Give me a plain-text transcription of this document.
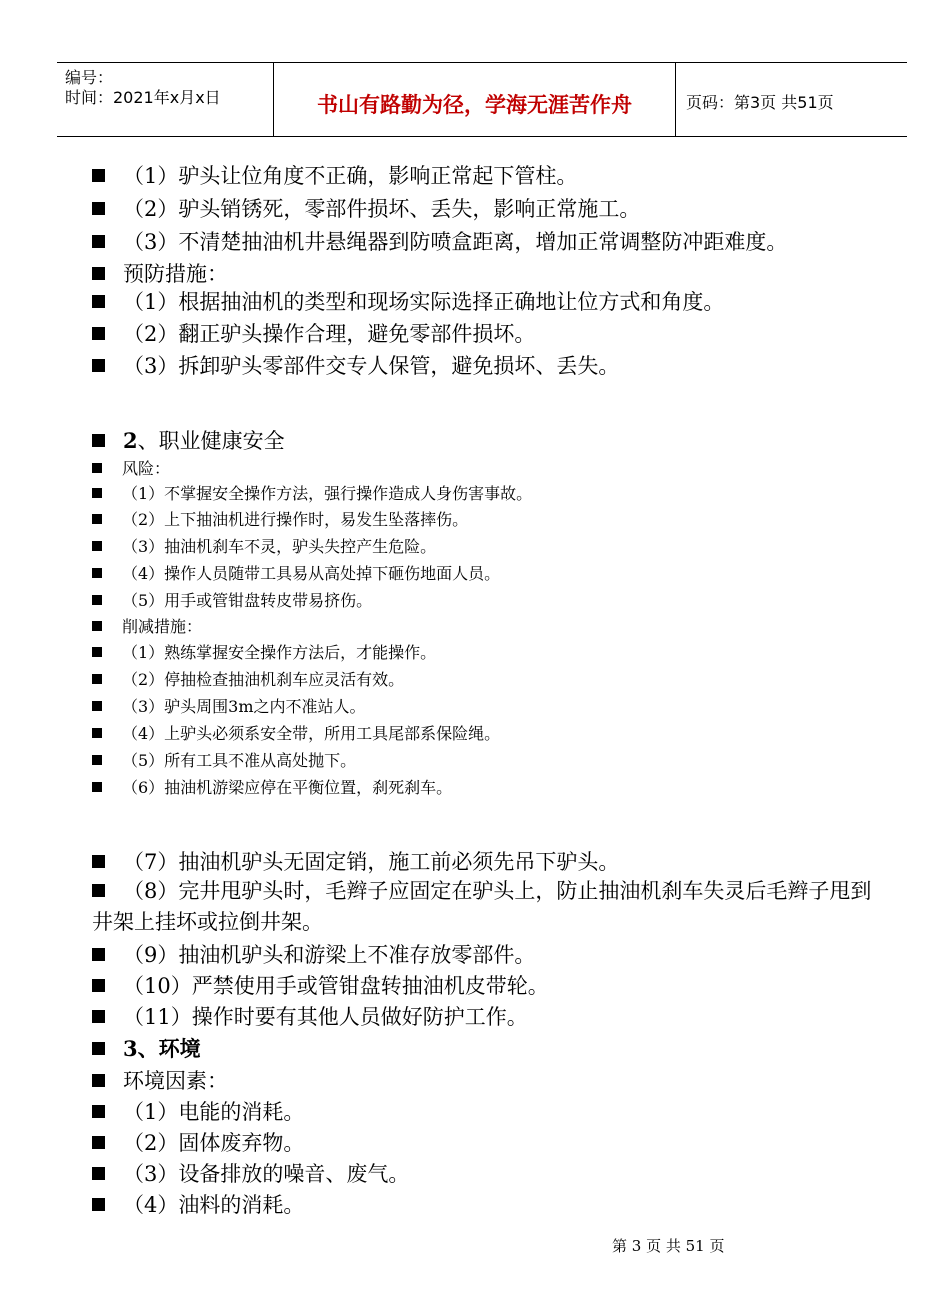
编号：
时间：2021年x月x日	书山有路勤为径，学海无涯苦作舟	页码：第3页 共51页
（1）驴头让位角度不正确，影响正常起下管柱。
（2）驴头销锈死，零部件损坏、丢失，影响正常施工。
（3）不清楚抽油机井悬绳器到防喷盒距离，增加正常调整防冲距难度。
预防措施：
（1）根据抽油机的类型和现场实际选择正确地让位方式和角度。
（2）翻正驴头操作合理，避免零部件损坏。
（3）拆卸驴头零部件交专人保管，避免损坏、丢失。
2、职业健康安全
风险：
（1）不掌握安全操作方法，强行操作造成人身伤害事故。
（2）上下抽油机进行操作时，易发生坠落摔伤。
（3）抽油机刹车不灵，驴头失控产生危险。
（4）操作人员随带工具易从高处掉下砸伤地面人员。
（5）用手或管钳盘转皮带易挤伤。
削减措施：
（1）熟练掌握安全操作方法后，才能操作。
（2）停抽检查抽油机刹车应灵活有效。
（3）驴头周围3m之内不准站人。
（4）上驴头必须系安全带，所用工具尾部系保险绳。
（5）所有工具不准从高处抛下。
（6）抽油机游梁应停在平衡位置，刹死刹车。
（7）抽油机驴头无固定销，施工前必须先吊下驴头。
（8）完井甩驴头时，毛辫子应固定在驴头上，防止抽油机刹车失灵后毛辫子甩到井架上挂坏或拉倒井架。
（9）抽油机驴头和游梁上不准存放零部件。
（10）严禁使用手或管钳盘转抽油机皮带轮。
（11）操作时要有其他人员做好防护工作。
3、环境
环境因素：
（1）电能的消耗。
（2）固体废弃物。
（3）设备排放的噪音、废气。
（4）油料的消耗。
第 3 页 共 51 页
